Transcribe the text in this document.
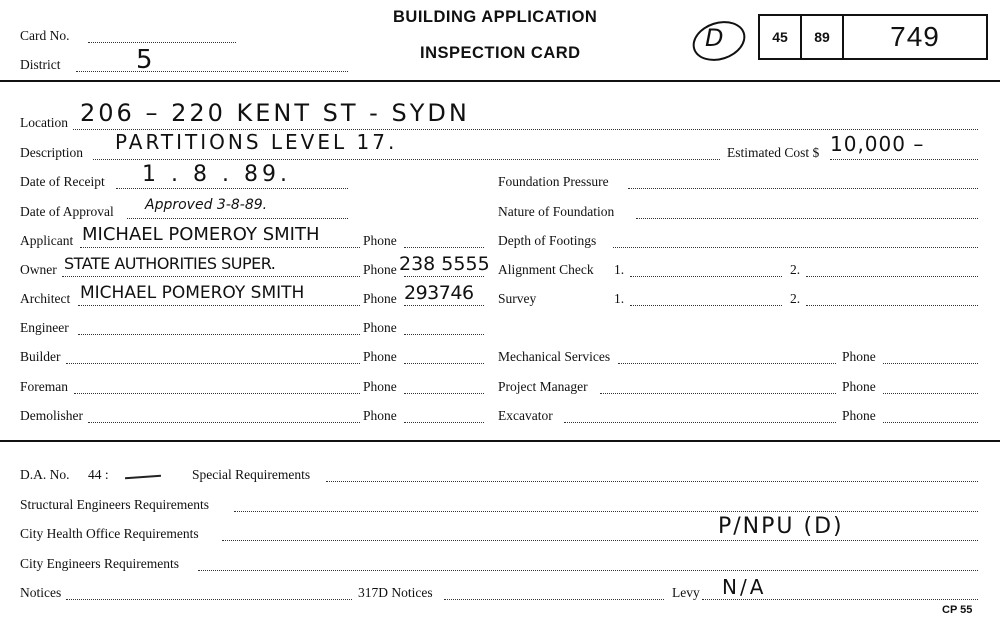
Card No.
District	5
BUILDING APPLICATION
INSPECTION CARD
D	45	89	749
Location 206 – 220 KENT ST - SYDN
Description PARTITIONS LEVEL 17.	Estimated Cost $ 10,000 –
Date of Receipt 1 . 8 . 89.
Date of Approval Approved 3-8-89.
Applicant MICHAEL POMEROY SMITH	Phone
Owner STATE AUTHORITIES SUPER.	Phone 238 5555
Architect MICHAEL POMEROY SMITH	Phone 293746
Engineer	Phone
Builder	Phone
Foreman	Phone
Demolisher	Phone
Foundation Pressure
Nature of Foundation
Depth of Footings
Alignment Check 1.	2.
Survey	1.	2.
Mechanical Services	Phone
Project Manager	Phone
Excavator	Phone
D.A. No. 44 :	Special Requirements
Structural Engineers Requirements
City Health Office Requirements	P/NPU (D)
City Engineers Requirements
Notices	317D Notices	Levy N/A
CP 55
